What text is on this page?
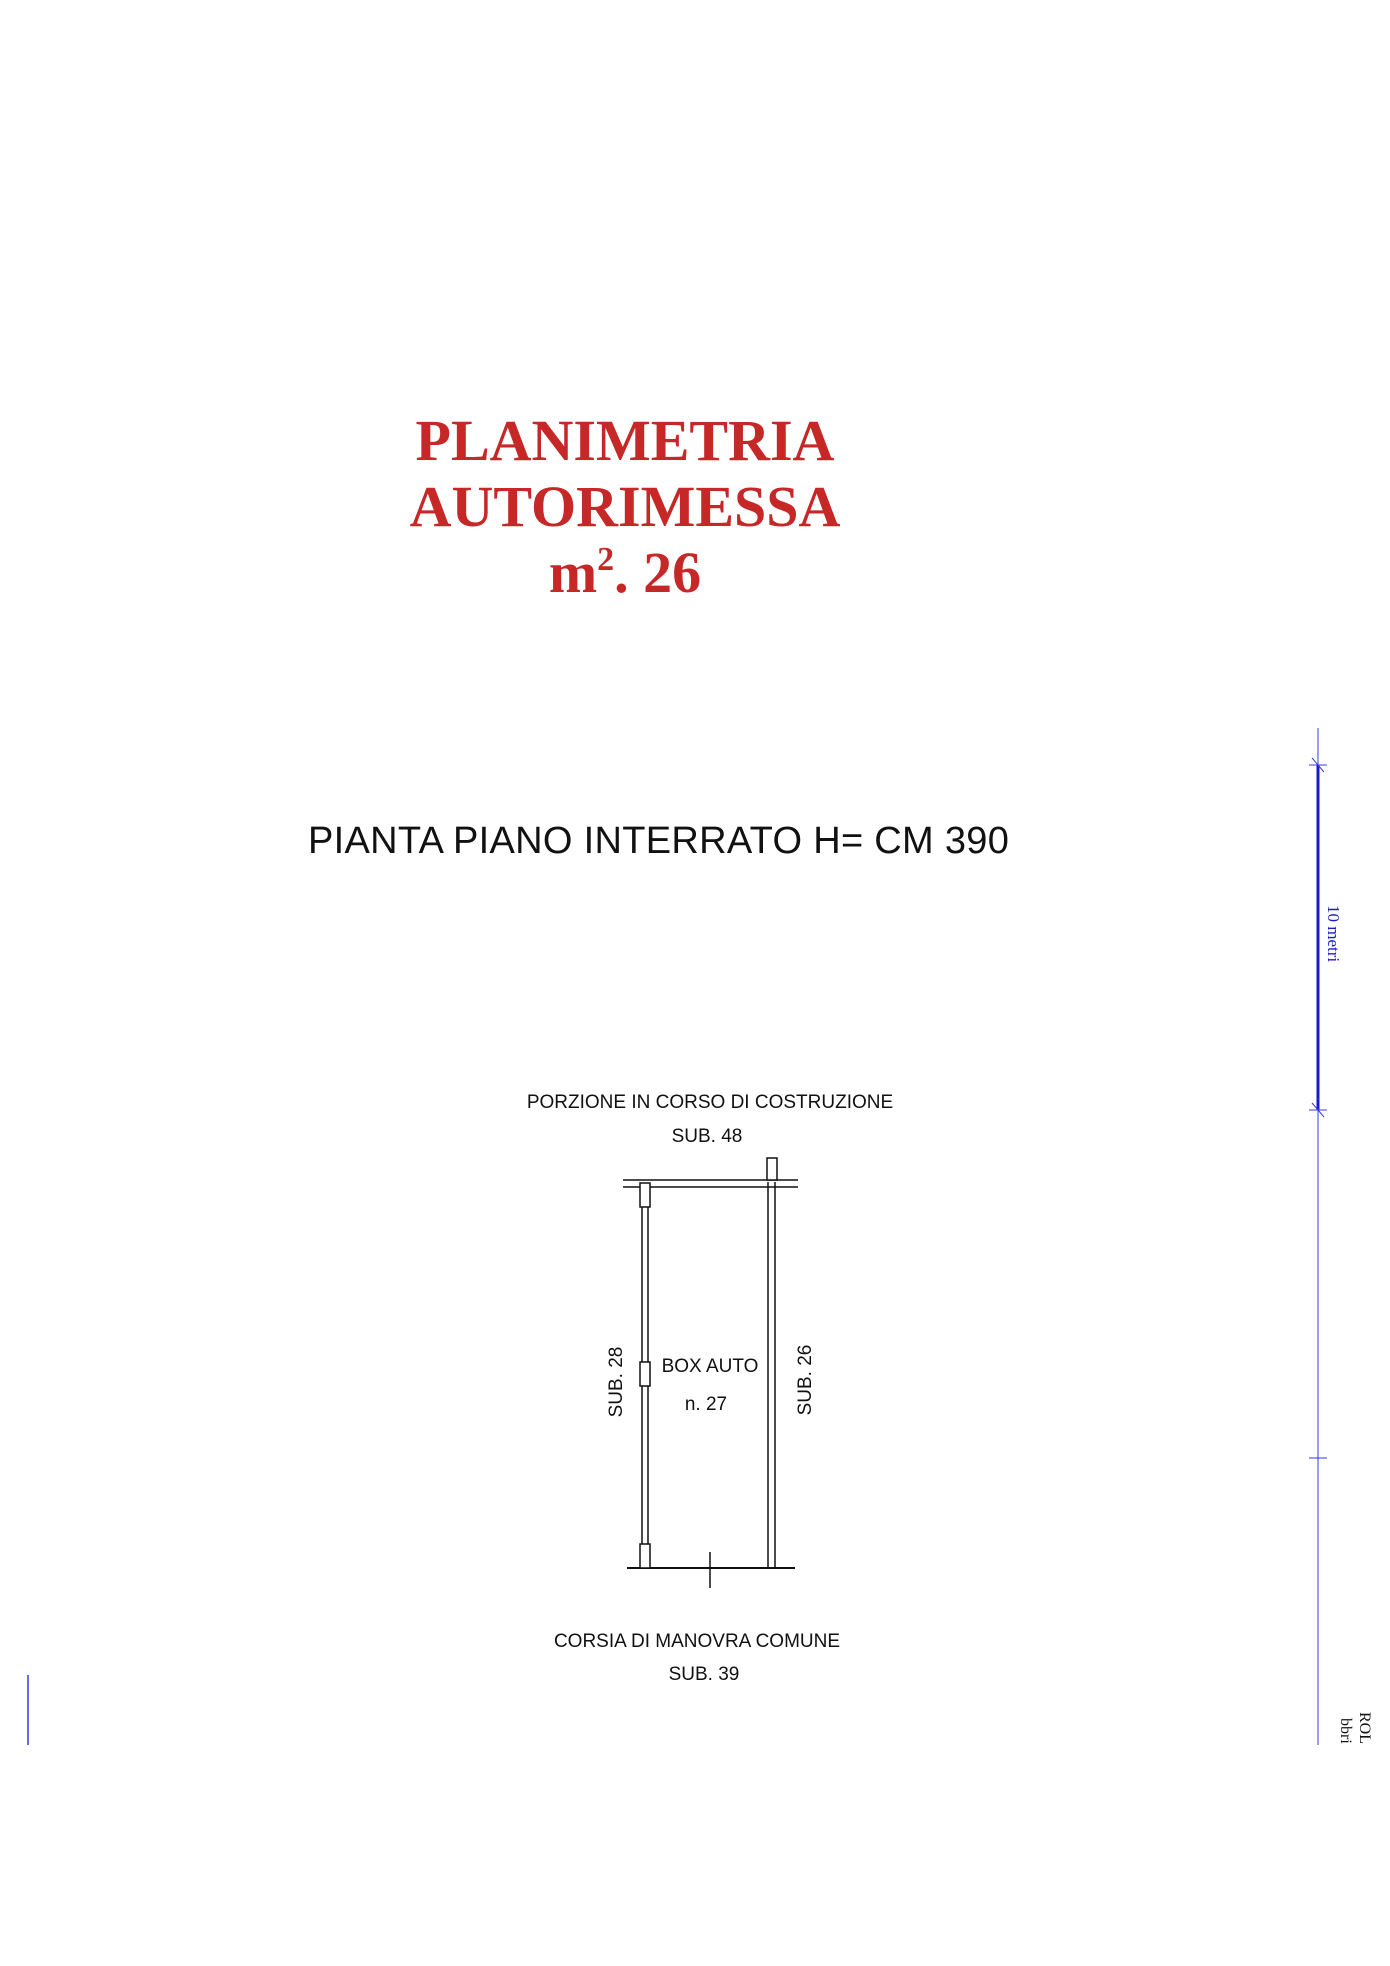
PLANIMETRIA
AUTORIMESSA
$m^2$. 26
PIANTA PIANO INTERRATO H= CM 390
10 metri
bbri ROL
PORZIONE IN CORSO DI COSTRUZIONE
SUB. 48
BOX AUTO
n. 27
SUB. 28	SUB. 26
CORSIA DI MANOVRA COMUNE
SUB. 39
